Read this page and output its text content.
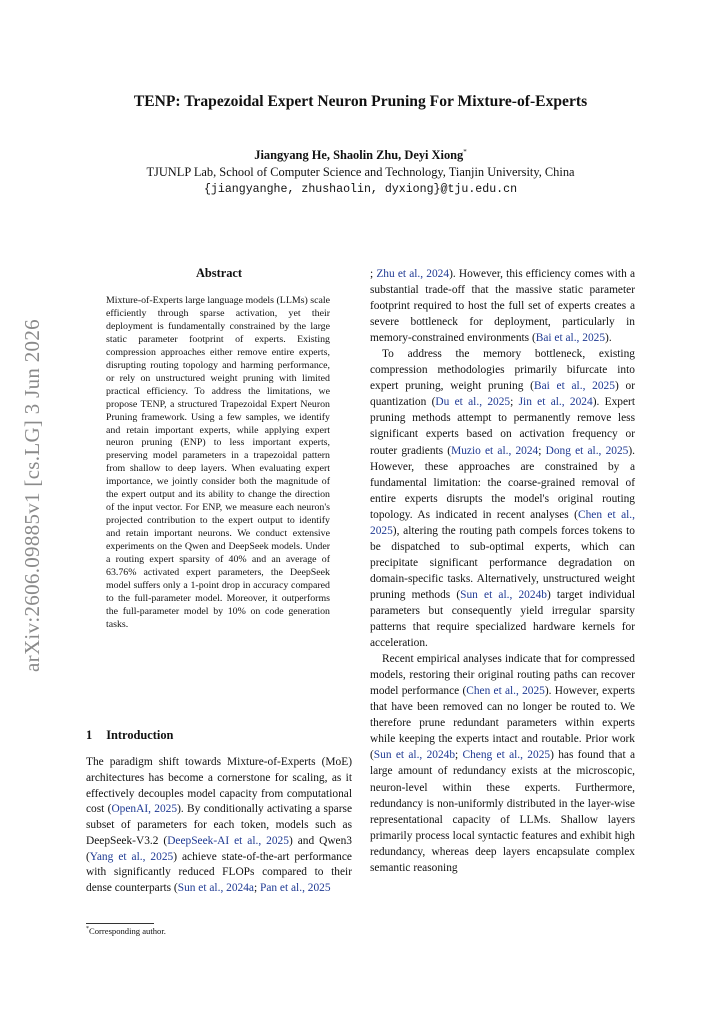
arXiv:2606.09885v1 [cs.LG] 3 Jun 2026
TENP: Trapezoidal Expert Neuron Pruning For Mixture-of-Experts
Jiangyang He, Shaolin Zhu, Deyi Xiong*
TJUNLP Lab, School of Computer Science and Technology, Tianjin University, China
{jiangyanghe, zhushaolin, dyxiong}@tju.edu.cn
Abstract

Mixture-of-Experts large language models (LLMs) scale efficiently through sparse activation, yet their deployment is fundamentally constrained by the large static parameter footprint of experts. Existing compression approaches either remove entire experts, disrupting routing topology and harming performance, or rely on unstructured weight pruning with limited practical efficiency. To address the limitations, we propose TENP, a structured Trapezoidal Expert Neuron Pruning framework. Using a few samples, we identify and retain important experts, while applying expert neuron pruning (ENP) to less important experts, preserving model parameters in a trapezoidal pattern from shallow to deep layers. When evaluating expert importance, we jointly consider both the magnitude of the expert output and its ability to change the direction of the input vector. For ENP, we measure each neuron's projected contribution to the expert output to identify and retain important neurons. We conduct extensive experiments on the Qwen and DeepSeek models. Under a routing expert sparsity of 40% and an average of 63.76% activated expert parameters, the DeepSeek model suffers only a 1-point drop in accuracy compared to the full-parameter model. Moreover, it outperforms the full-parameter model by 10% on code generation tasks.

1 Introduction

The paradigm shift towards Mixture-of-Experts (MoE) architectures has become a cornerstone for scaling, as it effectively decouples model capacity from computational cost (OpenAI, 2025). By conditionally activating a sparse subset of parameters for each token, models such as DeepSeek-V3.2 (DeepSeek-AI et al., 2025) and Qwen3 (Yang et al., 2025) achieve state-of-the-art performance with significantly reduced FLOPs compared to their dense counterparts (Sun et al., 2024a; Pan et al., 2025

*Corresponding author.

; Zhu et al., 2024). However, this efficiency comes with a substantial trade-off that the massive static parameter footprint required to host the full set of experts creates a severe bottleneck for deployment, particularly in memory-constrained environments (Bai et al., 2025).

To address the memory bottleneck, existing compression methodologies primarily bifurcate into expert pruning, weight pruning (Bai et al., 2025) or quantization (Du et al., 2025; Jin et al., 2024). Expert pruning methods attempt to permanently remove less significant experts based on activation frequency or router gradients (Muzio et al., 2024; Dong et al., 2025). However, these approaches are constrained by a fundamental limitation: the coarse-grained removal of entire experts disrupts the model's original routing topology. As indicated in recent analyses (Chen et al., 2025), altering the routing path compels forces tokens to be dispatched to sub-optimal experts, which can precipitate significant performance degradation on domain-specific tasks. Alternatively, unstructured weight pruning methods (Sun et al., 2024b) target individual parameters but consequently yield irregular sparsity patterns that require specialized hardware kernels for acceleration.

Recent empirical analyses indicate that for compressed models, restoring their original routing paths can recover model performance (Chen et al., 2025). However, experts that have been removed can no longer be routed to. We therefore prune redundant parameters within experts while keeping the experts intact and routable. Prior work (Sun et al., 2024b; Cheng et al., 2025) has found that a large amount of redundancy exists at the microscopic, neuron-level within these experts. Furthermore, redundancy is non-uniformly distributed in the layer-wise representational capacity of LLMs. Shallow layers primarily process local syntactic features and exhibit high redundancy, whereas deep layers encapsulate complex semantic reasoning
